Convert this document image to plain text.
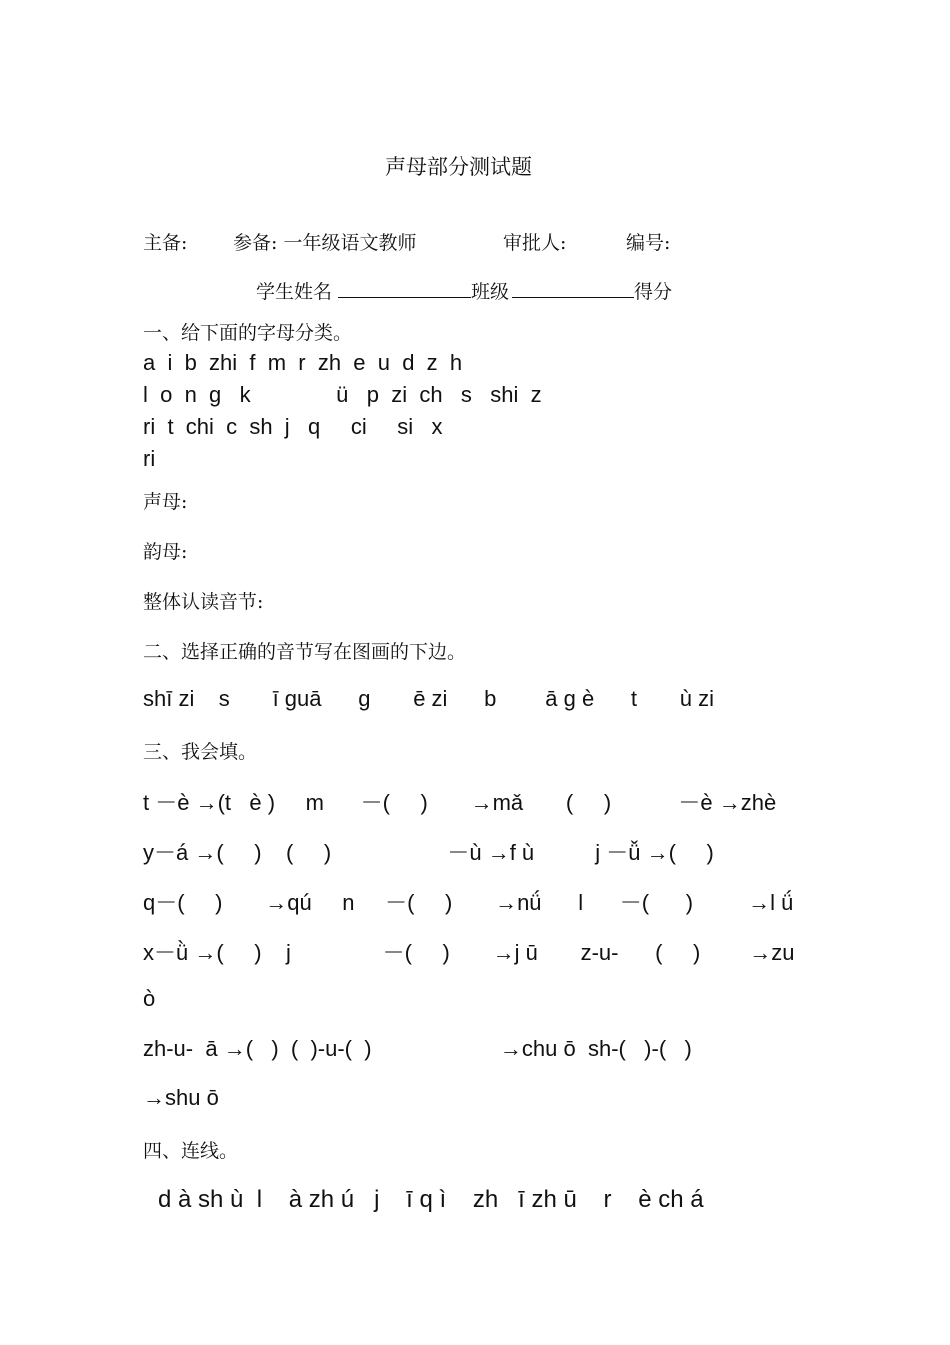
声母部分测试题
主备: 参备: 一年级语文教师	审批人:	编号:
学生姓名	班级	得分
一、给下面的字母分类。
a  i  b  zhi  f  m  r  zh  e  u  d  z  h
l  o  n  g   k              ü   p  zi  ch   s   shi  z
ri  t  chi  c  sh  j   q     ci     si   x
ri
声母:
韵母:
整体认读音节:
二、选择正确的音节写在图画的下边。
shī zi    s       ī guā      g       ē zi      b        ā g è      t       ù zi
三、我会填。
t －è →(t   è )     m      －(     )       →mǎ       (     )           －è →zhè
y－á →(     )    (     )                   －ù →f ù          j －ǚ →(     )
q－(     )       →qú     n     －(     )       →nǘ      l      －(      )         →l ǘ
x－ǜ →(     )    j               －(     )       →j ū       z-u-      (     )        →zu
ò
zh-u-  ā →(   )  (  )-u-(  )                     →chu ō  sh-(   )-(   )
→shu ō
四、连线。
d à sh ù  l    à zh ú   j    ī q ì    zh   ī zh ū    r    è ch á
